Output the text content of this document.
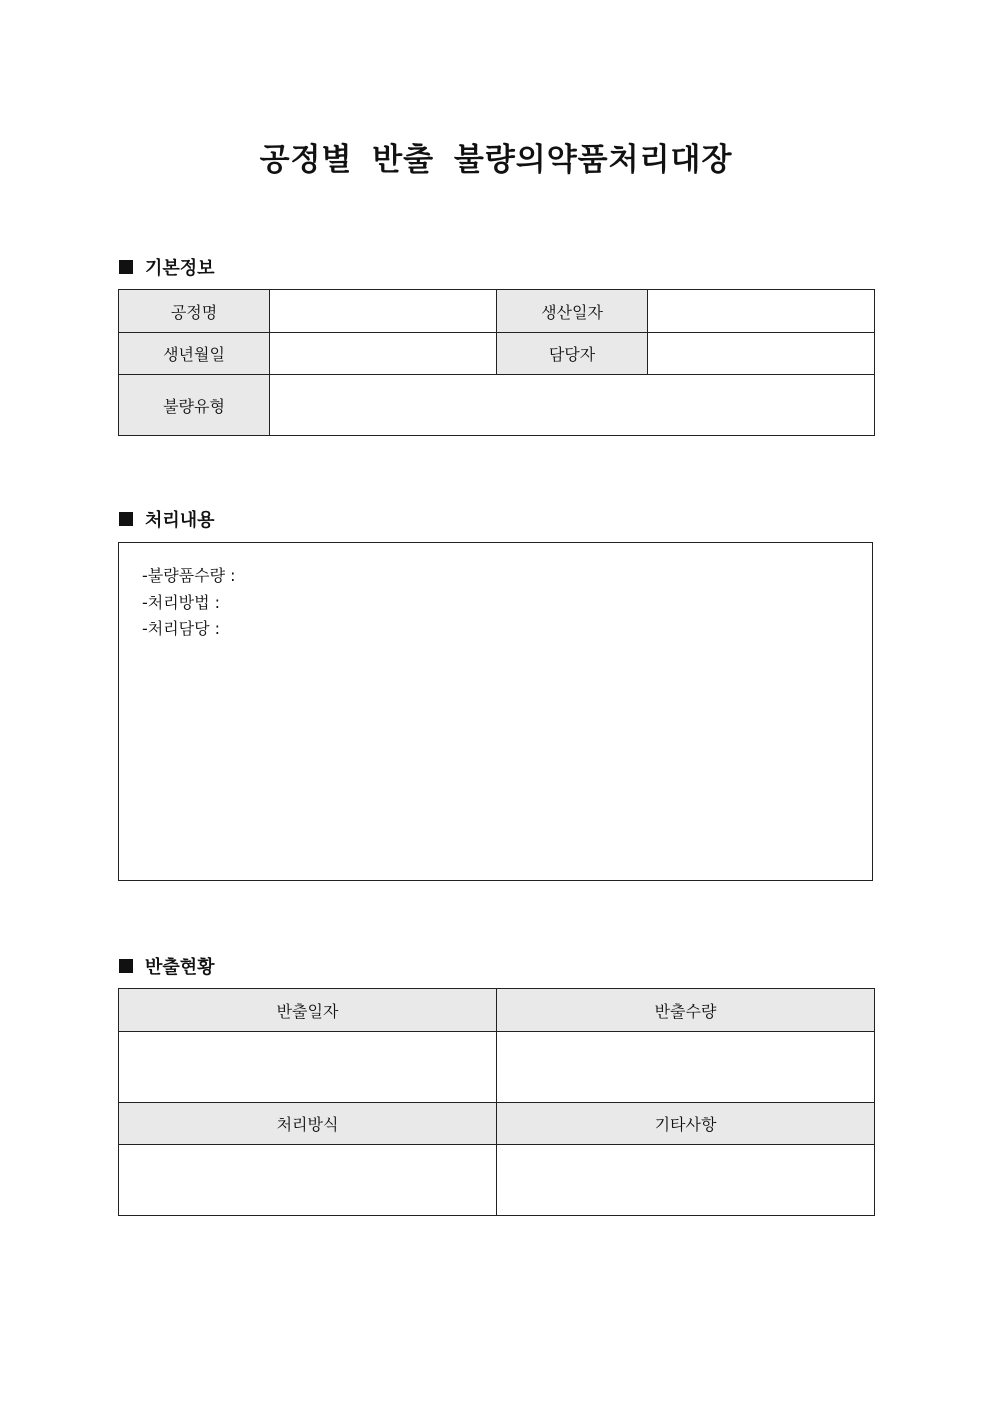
공정별 반출 불량의약품처리대장
기본정보
공정명		생산일자	
생년월일		담당자	
불량유형			
처리내용
-불량품수량 :
-처리방법 :
-처리담당 :
반출현황
반출일자	반출수량

처리방식	기타사항
